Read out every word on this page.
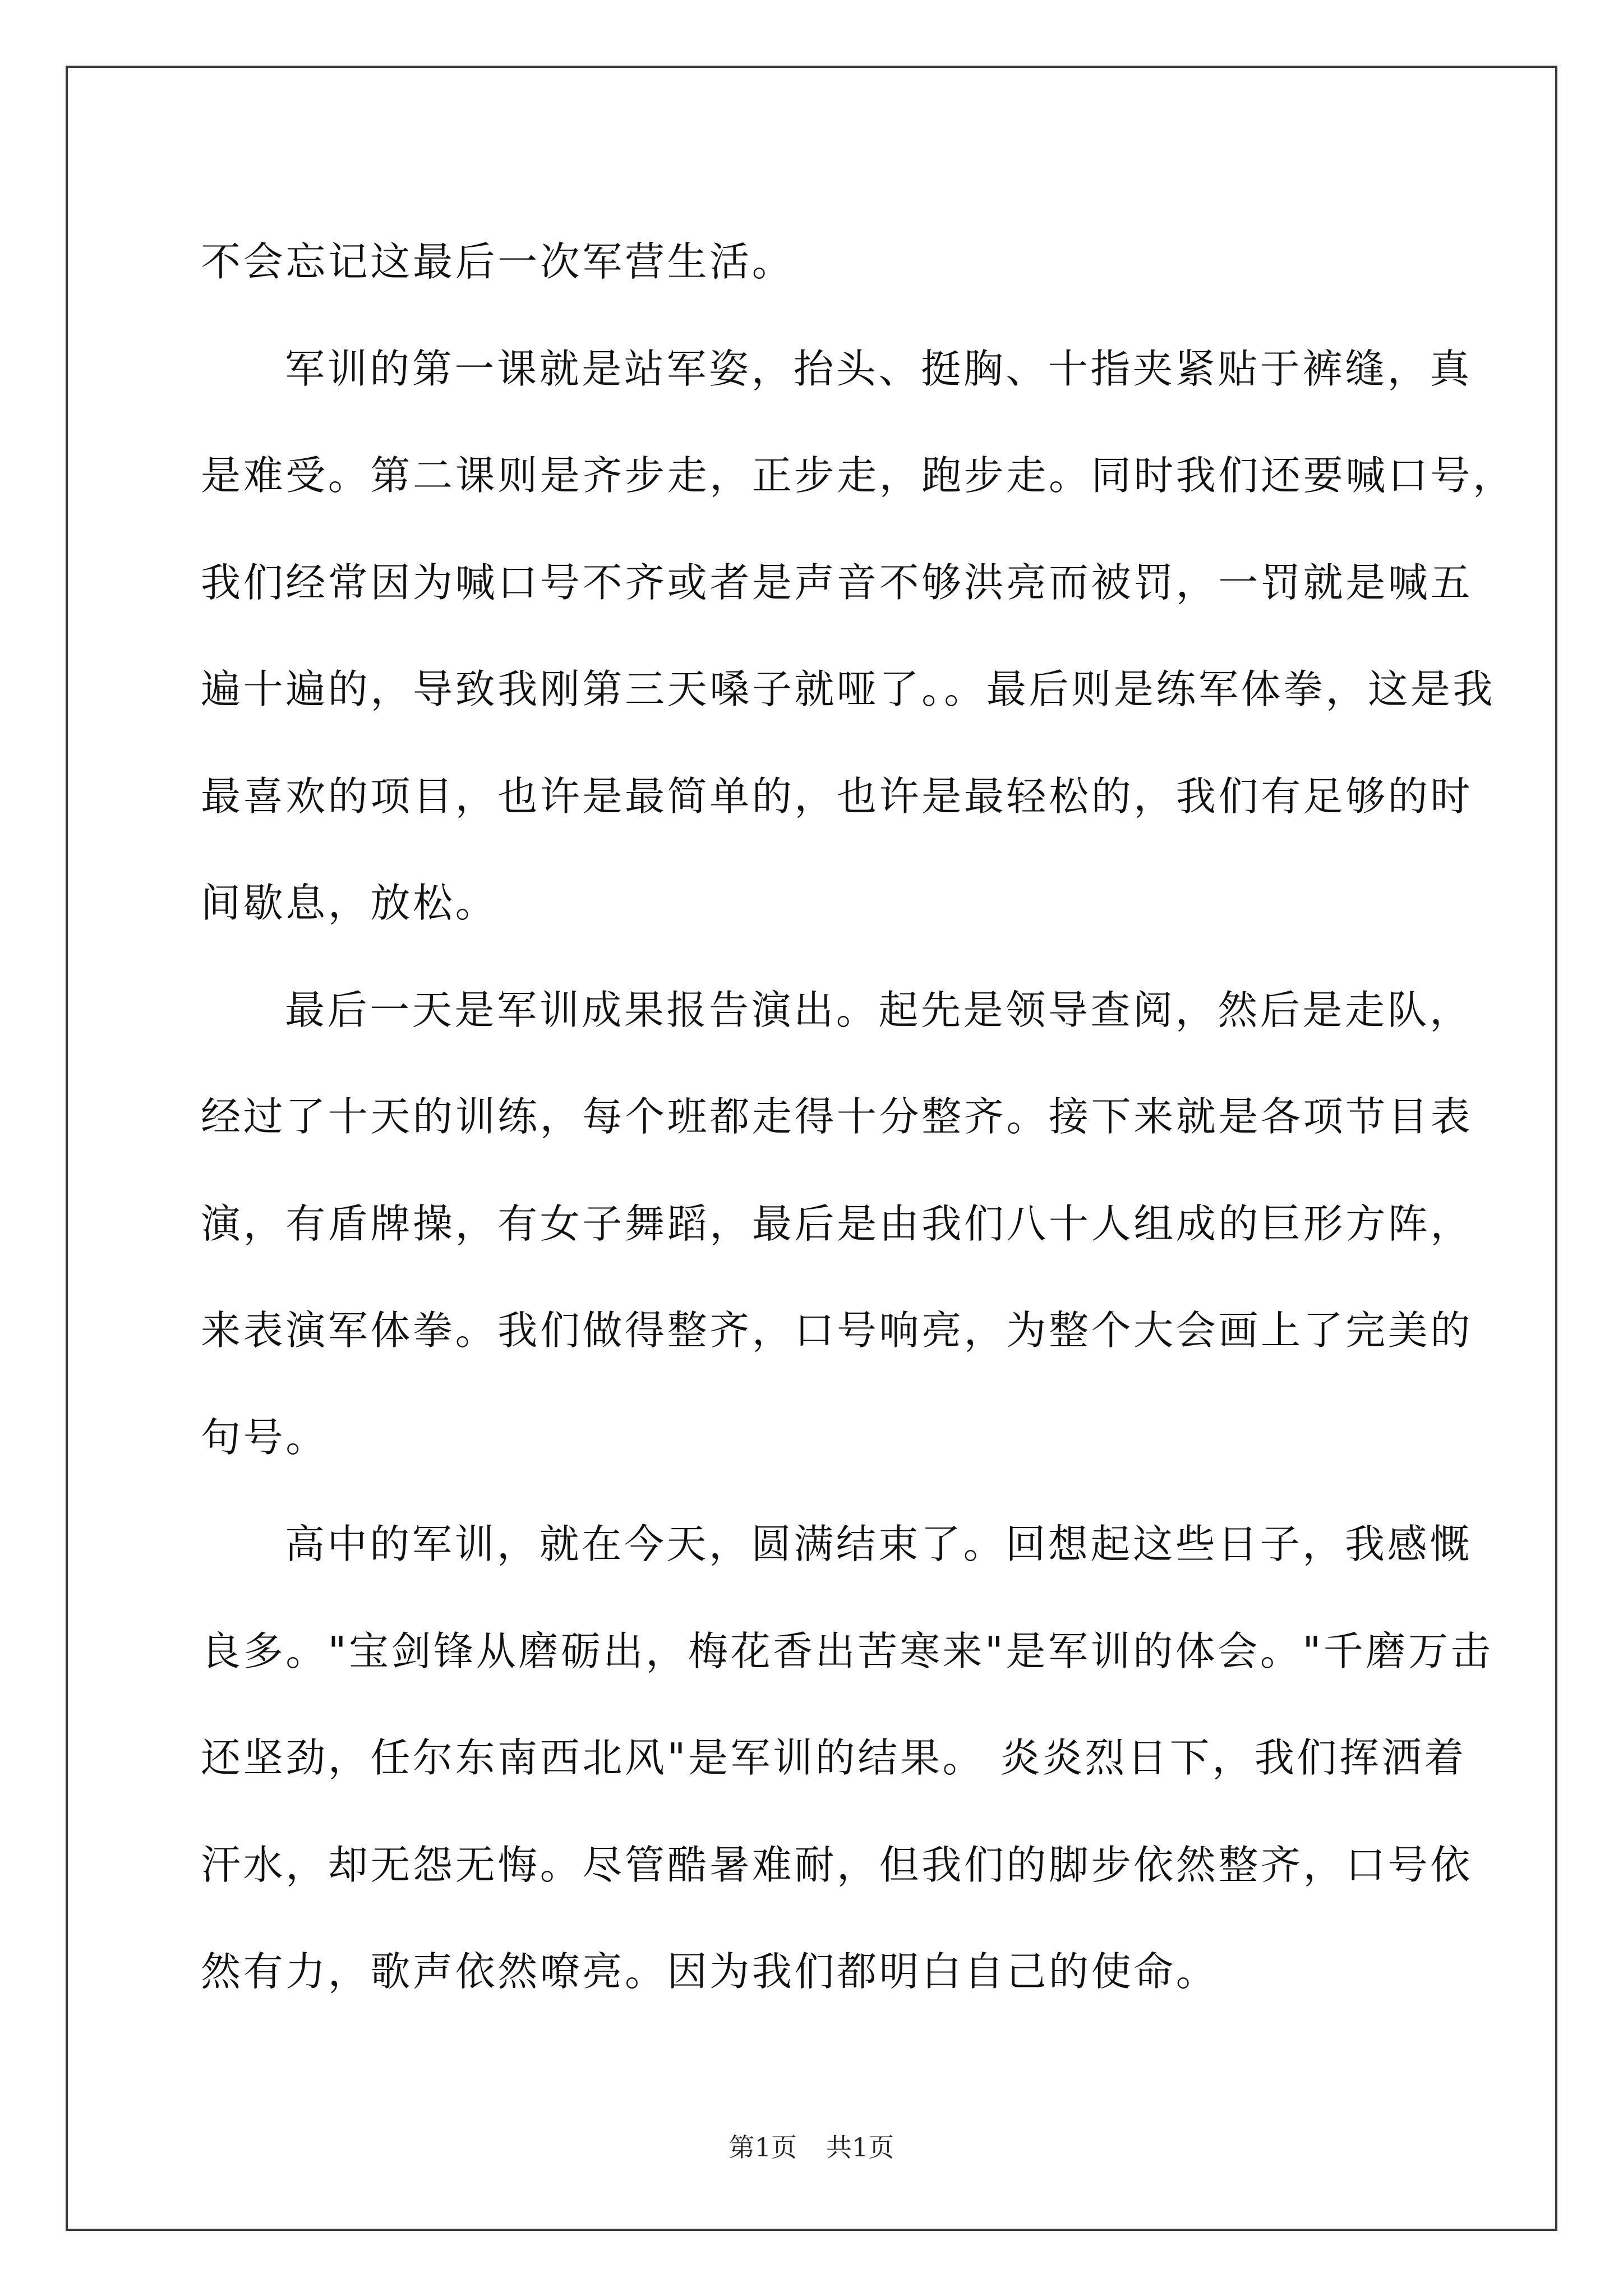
不会忘记这最后一次军营生活。
军训的第一课就是站军姿，抬头、挺胸、十指夹紧贴于裤缝，真
是难受。第二课则是齐步走，正步走，跑步走。同时我们还要喊口号，
我们经常因为喊口号不齐或者是声音不够洪亮而被罚，一罚就是喊五
遍十遍的，导致我刚第三天嗓子就哑了。。最后则是练军体拳，这是我
最喜欢的项目，也许是最简单的，也许是最轻松的，我们有足够的时
间歇息，放松。
最后一天是军训成果报告演出。起先是领导查阅，然后是走队，
经过了十天的训练，每个班都走得十分整齐。接下来就是各项节目表
演，有盾牌操，有女子舞蹈，最后是由我们八十人组成的巨形方阵，
来表演军体拳。我们做得整齐，口号响亮，为整个大会画上了完美的
句号。
高中的军训，就在今天，圆满结束了。回想起这些日子，我感慨
良多。"宝剑锋从磨砺出，梅花香出苦寒来"是军训的体会。"千磨万击
还坚劲，任尔东南西北风"是军训的结果。 炎炎烈日下，我们挥洒着
汗水，却无怨无悔。尽管酷暑难耐，但我们的脚步依然整齐，口号依
然有力，歌声依然嘹亮。因为我们都明白自己的使命。
第1页 共1页
